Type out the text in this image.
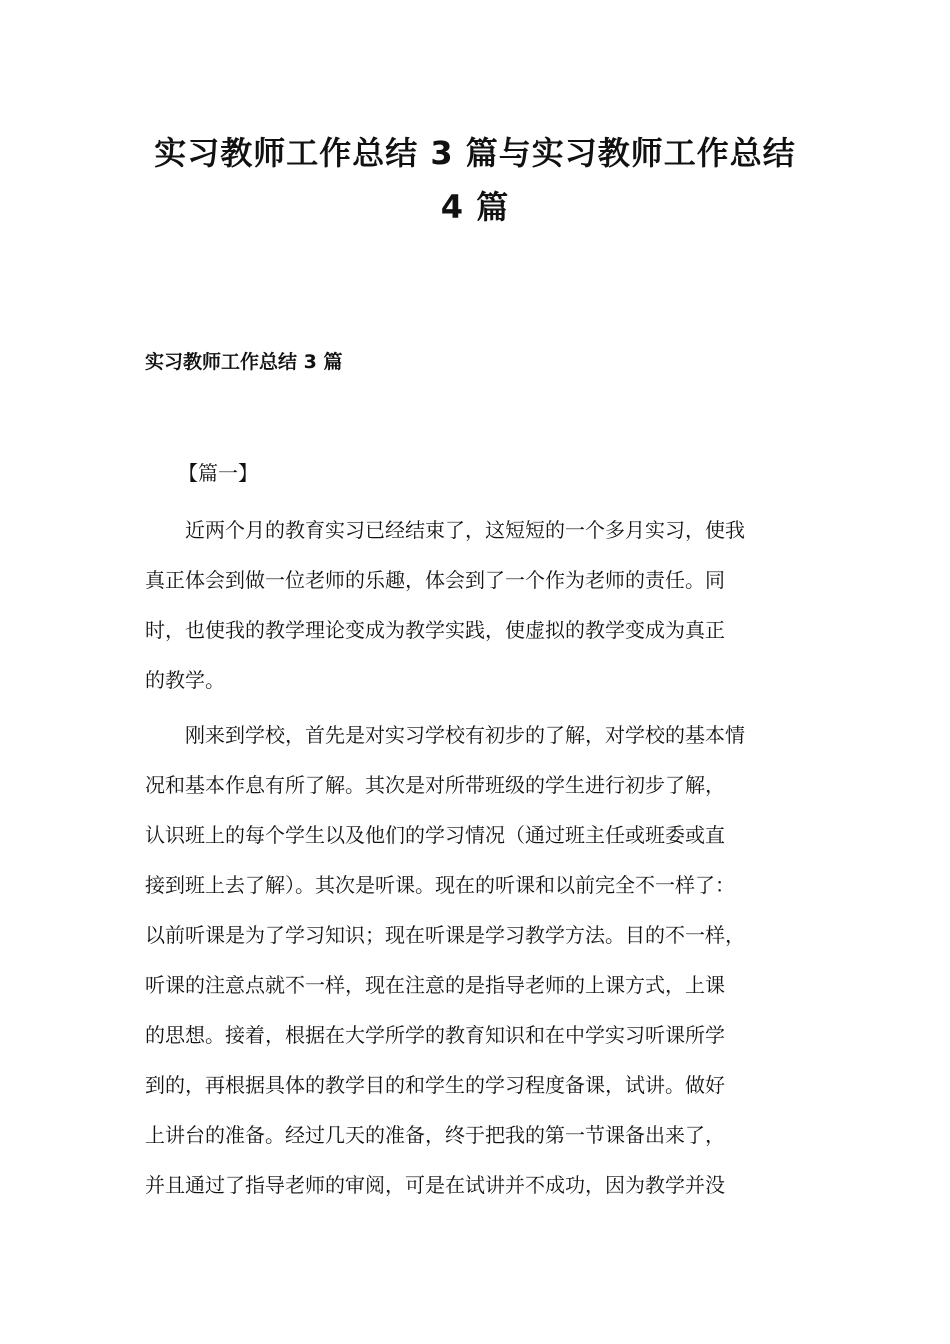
实习教师工作总结 3 篇与实习教师工作总结
4 篇
实习教师工作总结 3 篇
【篇一】

　　近两个月的教育实习已经结束了，这短短的一个多月实习，使我
真正体会到做一位老师的乐趣，体会到了一个作为老师的责任。同
时，也使我的教学理论变成为教学实践，使虚拟的教学变成为真正
的教学。

　　刚来到学校，首先是对实习学校有初步的了解，对学校的基本情
况和基本作息有所了解。其次是对所带班级的学生进行初步了解，
认识班上的每个学生以及他们的学习情况（通过班主任或班委或直
接到班上去了解）。其次是听课。现在的听课和以前完全不一样了：
以前听课是为了学习知识；现在听课是学习教学方法。目的不一样，
听课的注意点就不一样，现在注意的是指导老师的上课方式，上课
的思想。接着，根据在大学所学的教育知识和在中学实习听课所学
到的，再根据具体的教学目的和学生的学习程度备课，试讲。做好
上讲台的准备。经过几天的准备，终于把我的第一节课备出来了，
并且通过了指导老师的审阅，可是在试讲并不成功，因为教学并没
